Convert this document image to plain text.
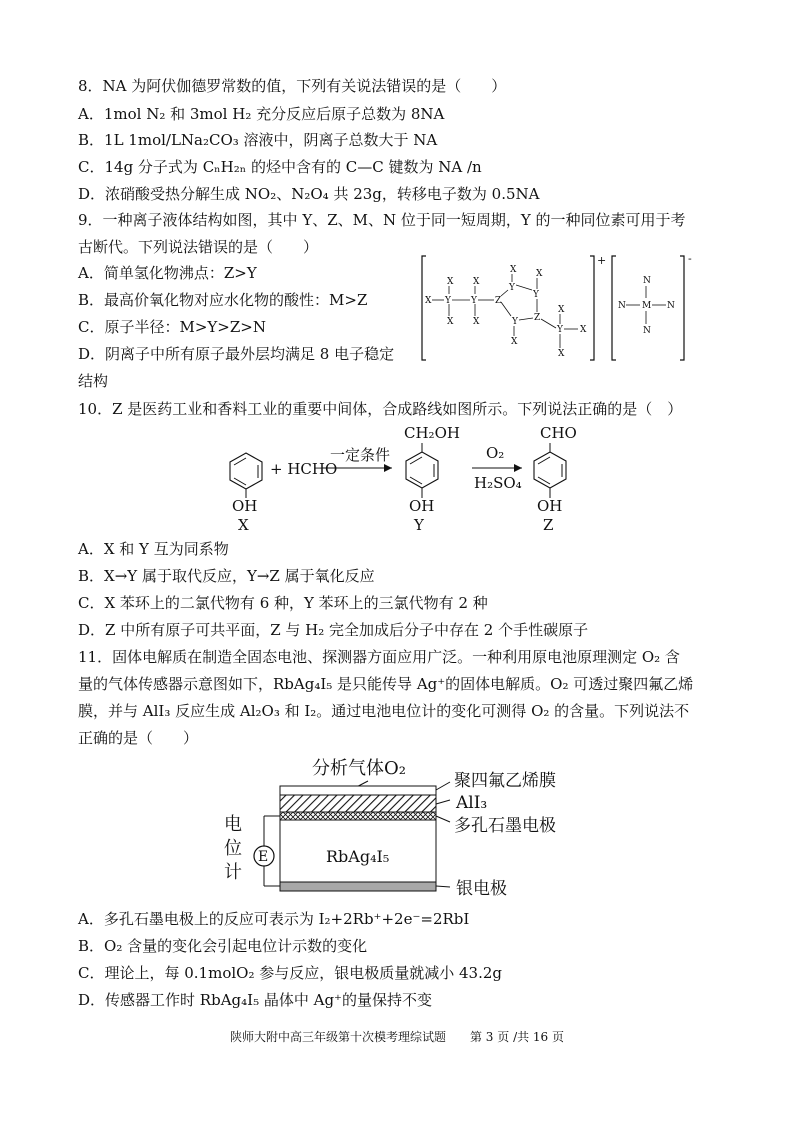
8．NA 为阿伏伽德罗常数的值，下列有关说法错误的是（　　）
A．1mol N₂ 和 3mol H₂ 充分反应后原子总数为 8NA
B．1L 1mol/LNa₂CO₃ 溶液中，阴离子总数大于 NA
C．14g 分子式为 CₙH₂ₙ 的烃中含有的 C—C 键数为 NA /n
D．浓硝酸受热分解生成 NO₂、N₂O₄ 共 23g，转移电子数为 0.5NA
9．一种离子液体结构如图，其中 Y、Z、M、N 位于同一短周期，Y 的一种同位素可用于考
古断代。下列说法错误的是（　　）
A．简单氢化物沸点：Z>Y
B．最高价氧化物对应水化物的酸性：M>Z
C．原子半径：M>Y>Z>N
D．阴离子中所有原子最外层均满足 8 电子稳定
结构
+
X Y
X
X
Y
X
X
Z
Y
X
Y
X
Y
X
Z
Y
X
X
X
-
N
N M N
N
10．Z 是医药工业和香料工业的重要中间体，合成路线如图所示。下列说法正确的是（　）
OH
X
+ HCHO
一定条件
CH₂OH
OH
Y
O₂
H₂SO₄
CHO
OH
Z
A．X 和 Y 互为同系物
B．X→Y 属于取代反应，Y→Z 属于氧化反应
C．X 苯环上的二氯代物有 6 种，Y 苯环上的三氯代物有 2 种
D．Z 中所有原子可共平面，Z 与 H₂ 完全加成后分子中存在 2 个手性碳原子
11．固体电解质在制造全固态电池、探测器方面应用广泛。一种利用原电池原理测定 O₂ 含
量的气体传感器示意图如下，RbAg₄I₅ 是只能传导 Ag⁺的固体电解质。O₂ 可透过聚四氟乙烯
膜，并与 AlI₃ 反应生成 Al₂O₃ 和 I₂。通过电池电位计的变化可测得 O₂ 的含量。下列说法不
正确的是（　　）
分析气体O₂
RbAg₄I₅
聚四氟乙烯膜
AlI₃
多孔石墨电极
银电极
E
电
位
计
A．多孔石墨电极上的反应可表示为 I₂+2Rb⁺+2e⁻=2RbI
B．O₂ 含量的变化会引起电位计示数的变化
C．理论上，每 0.1molO₂ 参与反应，银电极质量就减小 43.2g
D．传感器工作时 RbAg₄I₅ 晶体中 Ag⁺的量保持不变
陕师大附中高三年级第十次模考理综试题　　第 3 页 /共 16 页
